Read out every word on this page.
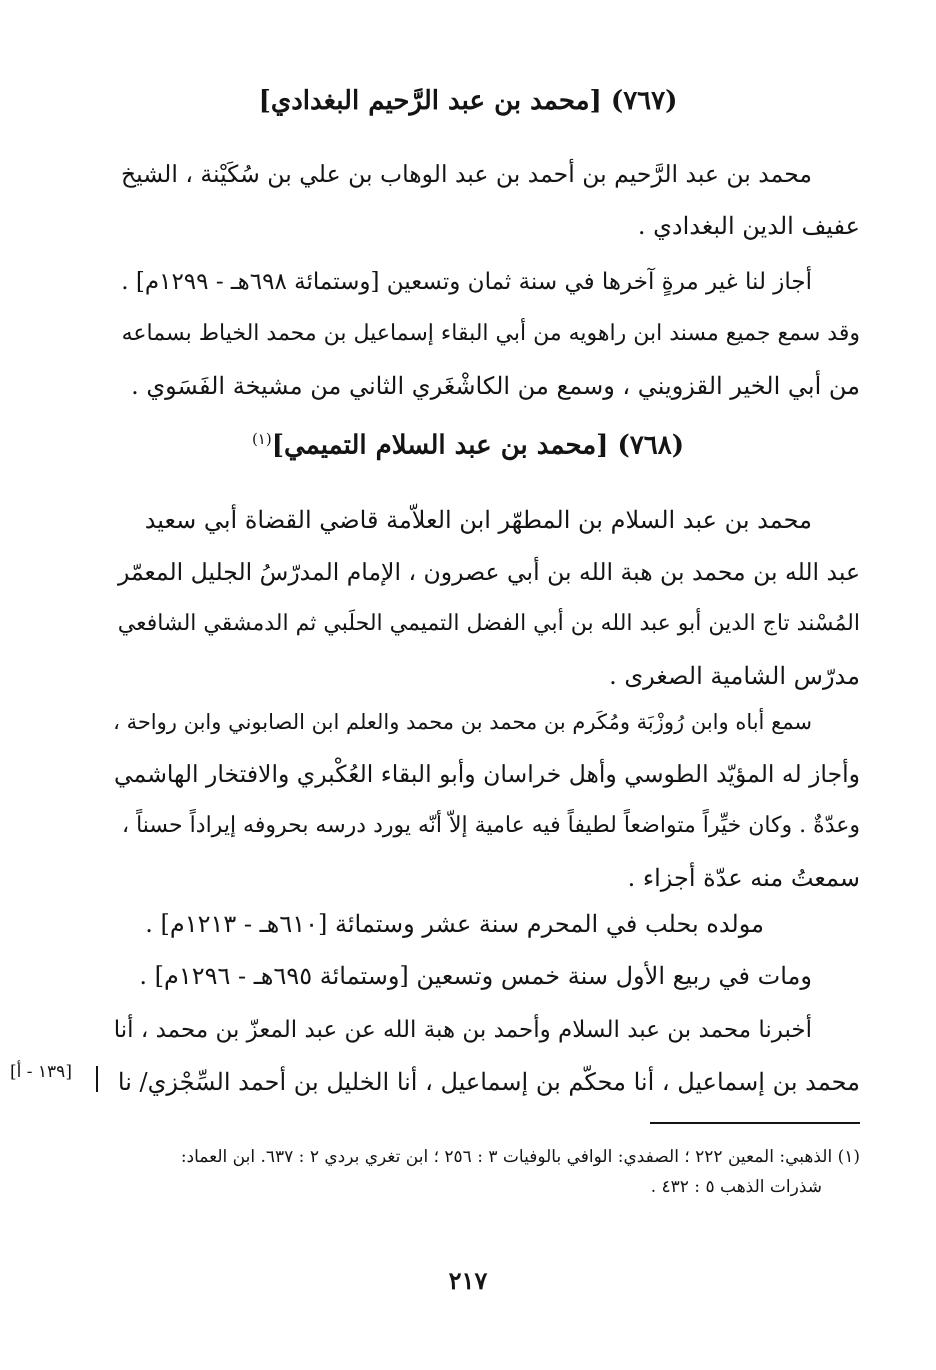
(٧٦٧) [محمد بن عبد الرَّحيم البغدادي]
محمد بن عبد الرَّحيم بن أحمد بن عبد الوهاب بن علي بن سُكَيْنة ، الشيخ
عفيف الدين البغدادي .
أجاز لنا غير مرةٍ آخرها في سنة ثمان وتسعين [وستمائة ٦٩٨هـ - ١٢٩٩م] .
وقد سمع جميع مسند ابن راهويه من أبي البقاء إسماعيل بن محمد الخياط بسماعه
من أبي الخير القزويني ، وسمع من الكاشْغَري الثاني من مشيخة الفَسَوي .
(٧٦٨) [محمد بن عبد السلام التميمي]$^{(١)}$
محمد بن عبد السلام بن المطهّر ابن العلاّمة قاضي القضاة أبي سعيد
عبد الله بن محمد بن هبة الله بن أبي عصرون ، الإمام المدرّسُ الجليل المعمّر
المُسْند تاج الدين أبو عبد الله بن أبي الفضل التميمي الحلَبي ثم الدمشقي الشافعي
مدرّس الشامية الصغرى .
سمع أباه وابن رُوزْبَة ومُكَرم بن محمد بن محمد والعلم ابن الصابوني وابن رواحة ،
وأجاز له المؤيّد الطوسي وأهل خراسان وأبو البقاء العُكْبري والافتخار الهاشمي
وعدّةٌ . وكان خيِّراً متواضعاً لطيفاً فيه عامية إلاّ أنّه يورد درسه بحروفه إيراداً حسناً ،
سمعتُ منه عدّة أجزاء .
مولده بحلب في المحرم سنة عشر وستمائة [٦١٠هـ - ١٢١٣م] .
ومات في ربيع الأول سنة خمس وتسعين [وستمائة ٦٩٥هـ - ١٢٩٦م] .
أخبرنا محمد بن عبد السلام وأحمد بن هبة الله عن عبد المعزّ بن محمد ، أنا
محمد بن إسماعيل ، أنا محكّم بن إسماعيل ، أنا الخليل بن أحمد السِّجْزي/ نا
[١٣٩ - أ]
(١) الذهبي: المعين ٢٢٢ ؛ الصفدي: الوافي بالوفيات ٣ : ٢٥٦ ؛ ابن تغري بردي ٢ : ٦٣٧. ابن العماد:
شذرات الذهب ٥ : ٤٣٢ .
٢١٧
